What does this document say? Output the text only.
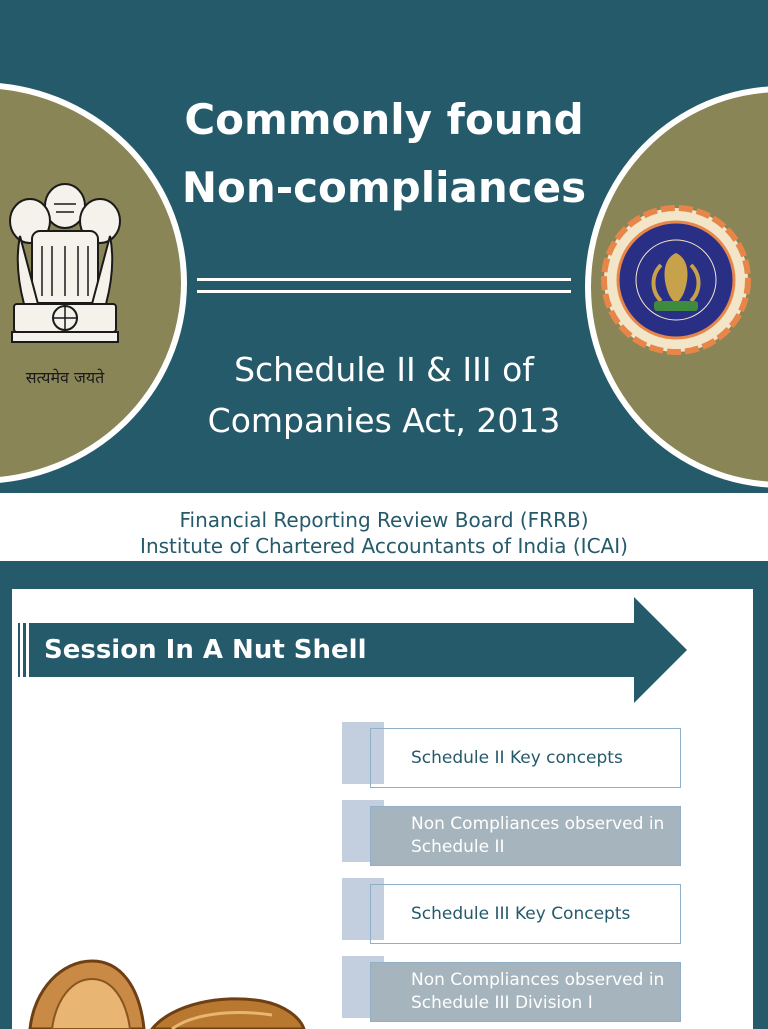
सत्यमेव जयते
Commonly found
Non-compliances
Schedule II & III of
Companies Act, 2013
Financial Reporting Review Board (FRRB)
Institute of Chartered Accountants of India (ICAI)
Session In A Nut Shell
Schedule II Key concepts
Non Compliances observed in
Schedule II
Schedule III Key Concepts
Non Compliances observed in
Schedule III Division I
